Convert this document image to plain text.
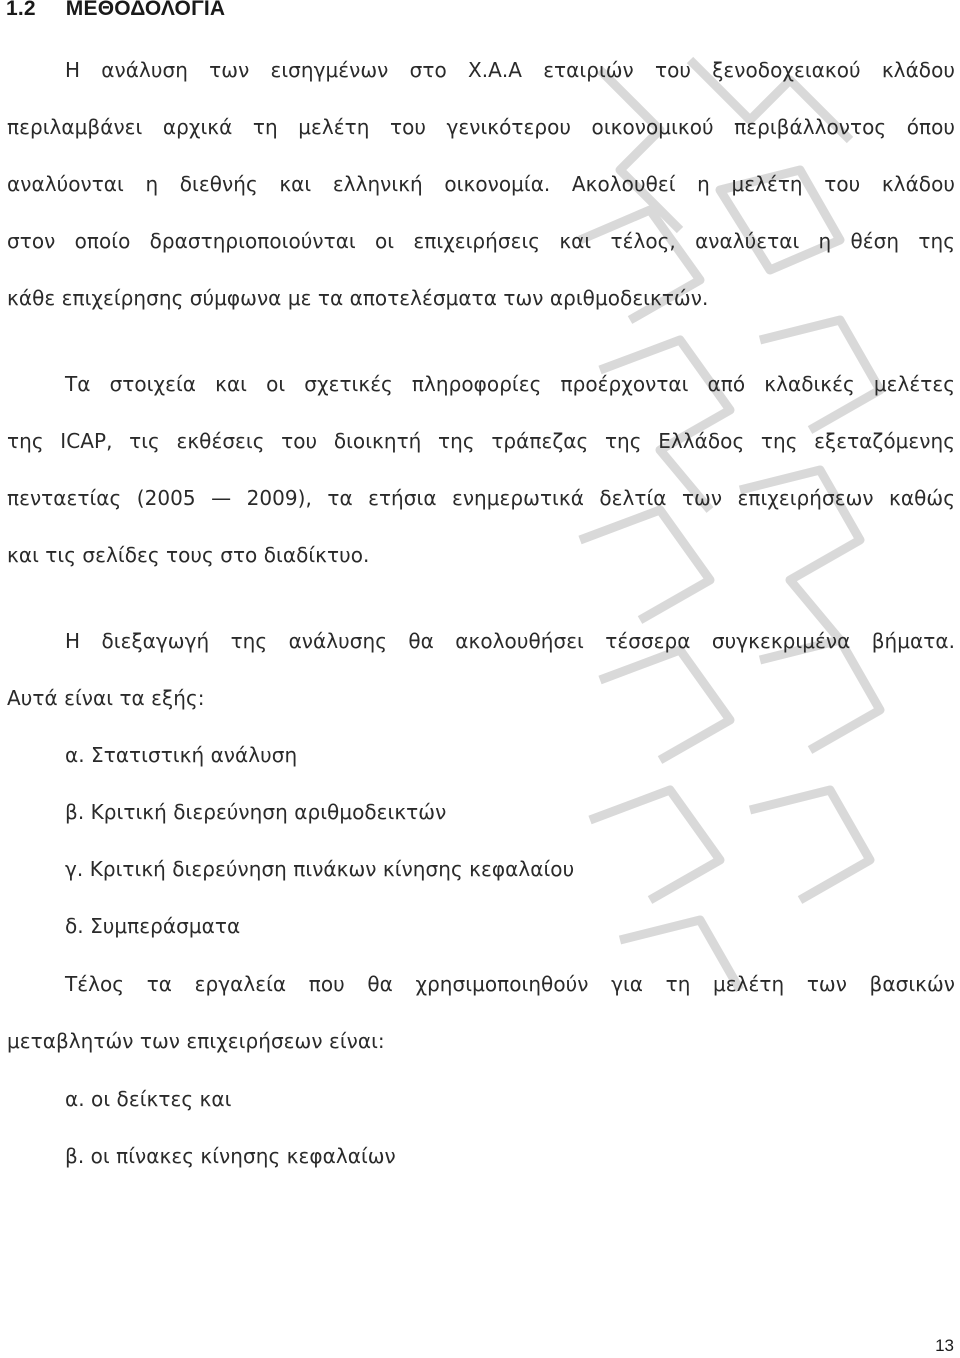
1.2 ΜΕΘΟΔΟΛΟΓΙΑ
Η ανάλυση των εισηγμένων στο Χ.Α.Α εταιριών του ξενοδοχειακού κλάδου
περιλαμβάνει αρχικά τη μελέτη του γενικότερου οικονομικού περιβάλλοντος όπου
αναλύονται η διεθνής και ελληνική οικονομία. Ακολουθεί η μελέτη του κλάδου
στον οποίο δραστηριοποιούνται οι επιχειρήσεις και τέλος, αναλύεται η θέση της
κάθε επιχείρησης σύμφωνα με τα αποτελέσματα των αριθμοδεικτών.
Τα στοιχεία και οι σχετικές πληροφορίες προέρχονται από κλαδικές μελέτες
της ICAP, τις εκθέσεις του διοικητή της τράπεζας της Ελλάδος της εξεταζόμενης
πενταετίας (2005 — 2009), τα ετήσια ενημερωτικά δελτία των επιχειρήσεων καθώς
και τις σελίδες τους στο διαδίκτυο.
Η διεξαγωγή της ανάλυσης θα ακολουθήσει τέσσερα συγκεκριμένα βήματα.
Αυτά είναι τα εξής:
α. Στατιστική ανάλυση
β. Κριτική διερεύνηση αριθμοδεικτών
γ. Κριτική διερεύνηση πινάκων κίνησης κεφαλαίου
δ. Συμπεράσματα
Τέλος τα εργαλεία που θα χρησιμοποιηθούν για τη μελέτη των βασικών
μεταβλητών των επιχειρήσεων είναι:
α. οι δείκτες και
β. οι πίνακες κίνησης κεφαλαίων
13
